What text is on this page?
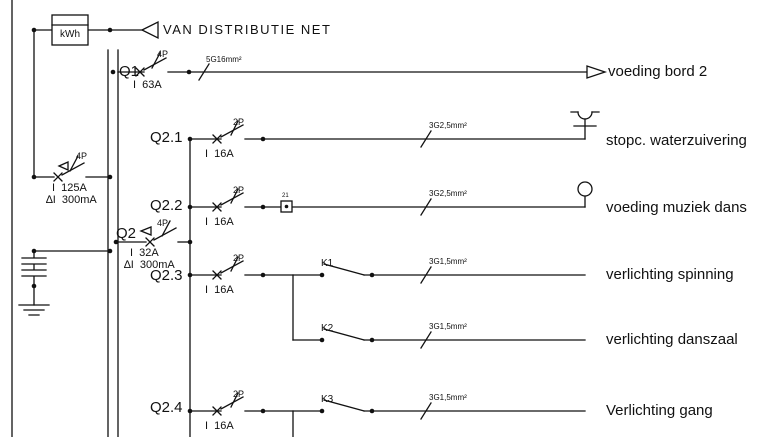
VAN DISTRIBUTIE NET
kWh
4P
I  125A
∆I  300mA
Q1
4P
I  63A
5G16mm²
voeding bord 2
Q2
4P
I  32A
∆I  300mA
Q2.1
2P
I  16A
3G2,5mm²
stopc. waterzuivering
Q2.2
2P
I  16A
21	3G2,5mm²
voeding muziek dans
Q2.3
2P
I  16A
K1	3G1,5mm²
verlichting spinning
K2	3G1,5mm²
verlichting danszaal
Q2.4
2P
I  16A
K3	3G1,5mm²
Verlichting gang
